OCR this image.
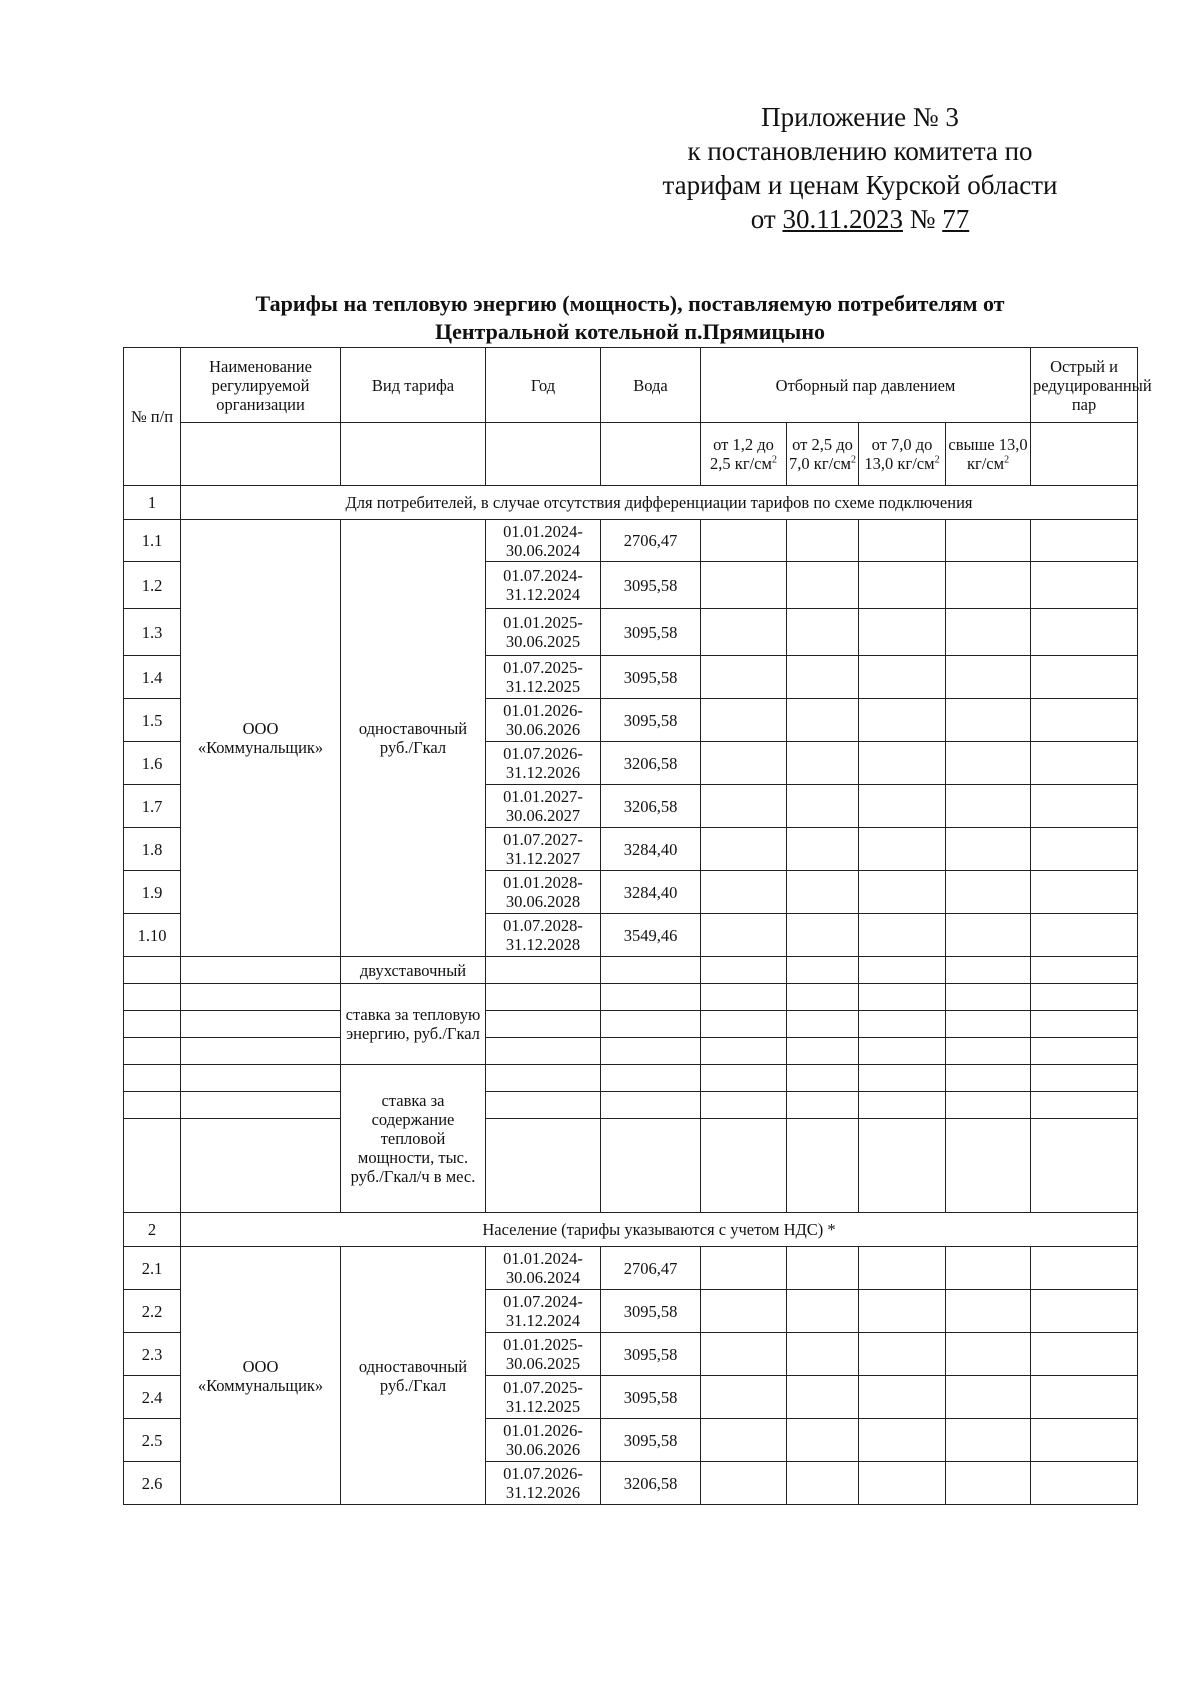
Приложение № 3
к постановлению комитета по
тарифам и ценам Курской области
от 30.11.2023 № 77
Тарифы на тепловую энергию (мощность), поставляемую потребителям от
Центральной котельной п.Прямицыно
№ п/п	Наименование регулируемой организации	Вид тарифа	Год	Вода	Отборный пар давлением				Острый и редуцированный пар
					от 1,2 до 2,5 $кг/см^2$	от 2,5 до 7,0 $кг/см^2$	от 7,0 до 13,0 $кг/см^2$	свыше 13,0 $кг/см^2$	
1	Для потребителей, в случае отсутствия дифференциации тарифов по схеме подключения								
1.1	ООО «Коммунальщик»	одноставочный руб./Гкал	01.01.2024-30.06.2024	2706,47					
1.2			01.07.2024-31.12.2024	3095,58					
1.3			01.01.2025-30.06.2025	3095,58					
1.4			01.07.2025-31.12.2025	3095,58					
1.5			01.01.2026-30.06.2026	3095,58					
1.6			01.07.2026-31.12.2026	3206,58					
1.7			01.01.2027-30.06.2027	3206,58					
1.8			01.07.2027-31.12.2027	3284,40					
1.9			01.01.2028-30.06.2028	3284,40					
1.10			01.07.2028-31.12.2028	3549,46					
		двухставочный							
		ставка за тепловую энергию, руб./Гкал							

		ставка за содержание тепловой мощности, тыс. руб./Гкал/ч в мес.							

2	Население (тарифы указываются с учетом НДС) *								
2.1	ООО «Коммунальщик»	одноставочный руб./Гкал	01.01.2024-30.06.2024	2706,47					
2.2			01.07.2024-31.12.2024	3095,58					
2.3			01.01.2025-30.06.2025	3095,58					
2.4			01.07.2025-31.12.2025	3095,58					
2.5			01.01.2026-30.06.2026	3095,58					
2.6			01.07.2026-31.12.2026	3206,58					
